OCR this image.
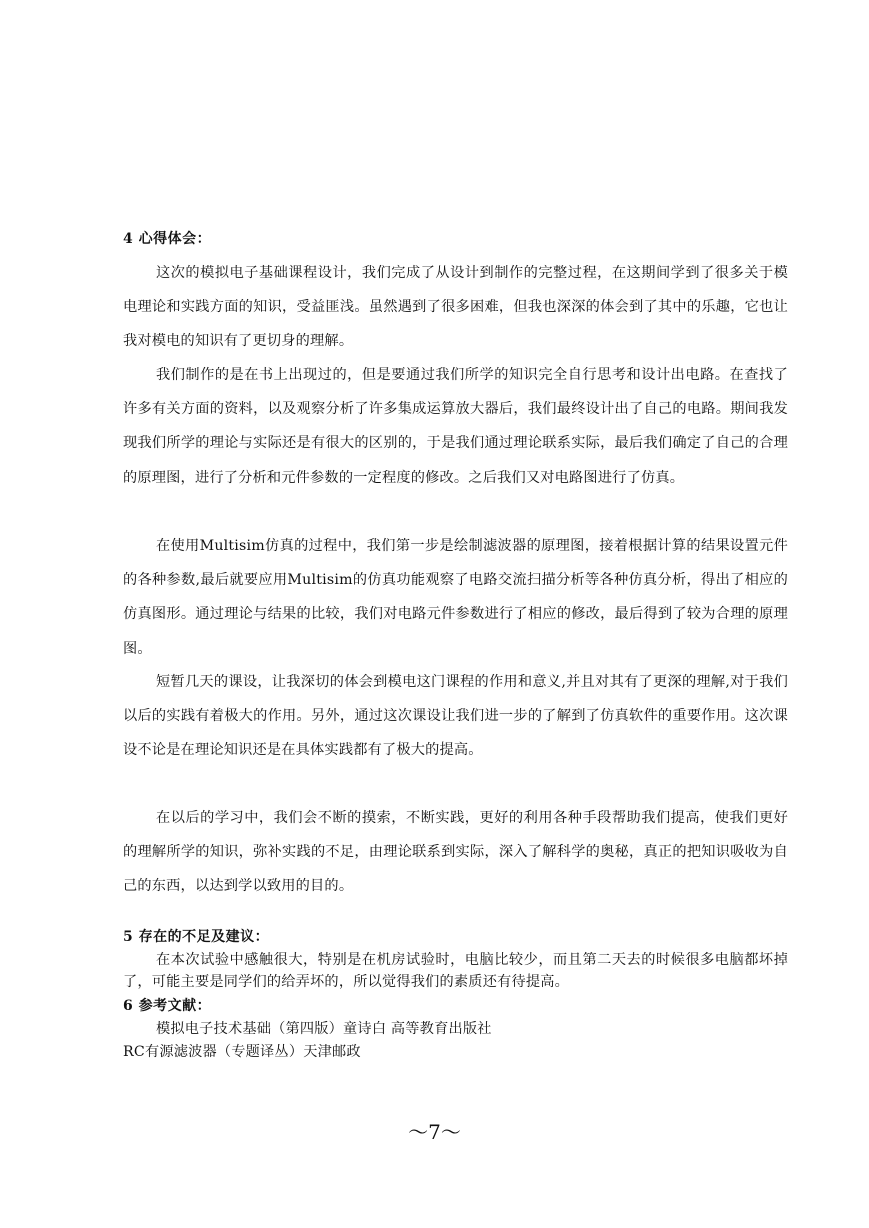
4 心得体会：
这次的模拟电子基础课程设计，我们完成了从设计到制作的完整过程，在这期间学到了很多关于模电理论和实践方面的知识，受益匪浅。虽然遇到了很多困难，但我也深深的体会到了其中的乐趣，它也让我对模电的知识有了更切身的理解。
我们制作的是在书上出现过的，但是要通过我们所学的知识完全自行思考和设计出电路。在查找了许多有关方面的资料，以及观察分析了许多集成运算放大器后，我们最终设计出了自己的电路。期间我发现我们所学的理论与实际还是有很大的区别的，于是我们通过理论联系实际，最后我们确定了自己的合理的原理图，进行了分析和元件参数的一定程度的修改。之后我们又对电路图进行了仿真。
在使用Multisim仿真的过程中，我们第一步是绘制滤波器的原理图，接着根据计算的结果设置元件的各种参数,最后就要应用Multisim的仿真功能观察了电路交流扫描分析等各种仿真分析，得出了相应的仿真图形。通过理论与结果的比较，我们对电路元件参数进行了相应的修改，最后得到了较为合理的原理图。
短暂几天的课设，让我深切的体会到模电这门课程的作用和意义,并且对其有了更深的理解,对于我们以后的实践有着极大的作用。另外，通过这次课设让我们进一步的了解到了仿真软件的重要作用。这次课设不论是在理论知识还是在具体实践都有了极大的提高。
在以后的学习中，我们会不断的摸索，不断实践，更好的利用各种手段帮助我们提高，使我们更好的理解所学的知识，弥补实践的不足，由理论联系到实际，深入了解科学的奥秘，真正的把知识吸收为自己的东西，以达到学以致用的目的。
5 存在的不足及建议：
在本次试验中感触很大，特别是在机房试验时，电脑比较少，而且第二天去的时候很多电脑都坏掉了，可能主要是同学们的给弄坏的，所以觉得我们的素质还有待提高。
6 参考文献：
模拟电子技术基础（第四版）童诗白 高等教育出版社
RC有源滤波器（专题译丛）天津邮政
～7～
